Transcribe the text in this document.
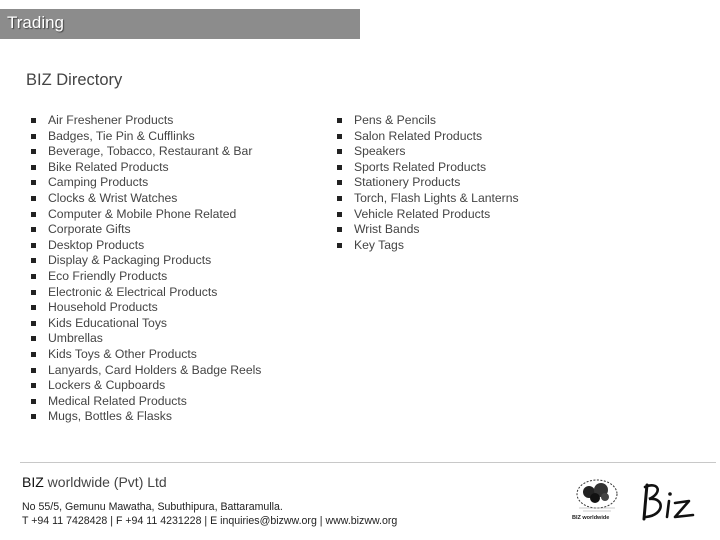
Trading
BIZ Directory
Air Freshener Products
Badges, Tie Pin & Cufflinks
Beverage, Tobacco, Restaurant & Bar
Bike Related Products
Camping Products
Clocks & Wrist Watches
Computer & Mobile Phone Related
Corporate Gifts
Desktop Products
Display & Packaging Products
Eco Friendly Products
Electronic & Electrical Products
Household Products
Kids Educational Toys
Umbrellas
Kids Toys & Other Products
Lanyards, Card Holders & Badge Reels
Lockers & Cupboards
Medical Related Products
Mugs, Bottles & Flasks
Pens & Pencils
Salon Related Products
Speakers
Sports Related Products
Stationery Products
Torch, Flash Lights & Lanterns
Vehicle Related Products
Wrist Bands
Key Tags
BIZ worldwide (Pvt) Ltd
No 55/5, Gemunu Mawatha, Subuthipura, Battaramulla.
T +94 11 7428428 | F +94 11 4231228 | E inquiries@bizww.org | www.bizww.org	BIZ worldwide
